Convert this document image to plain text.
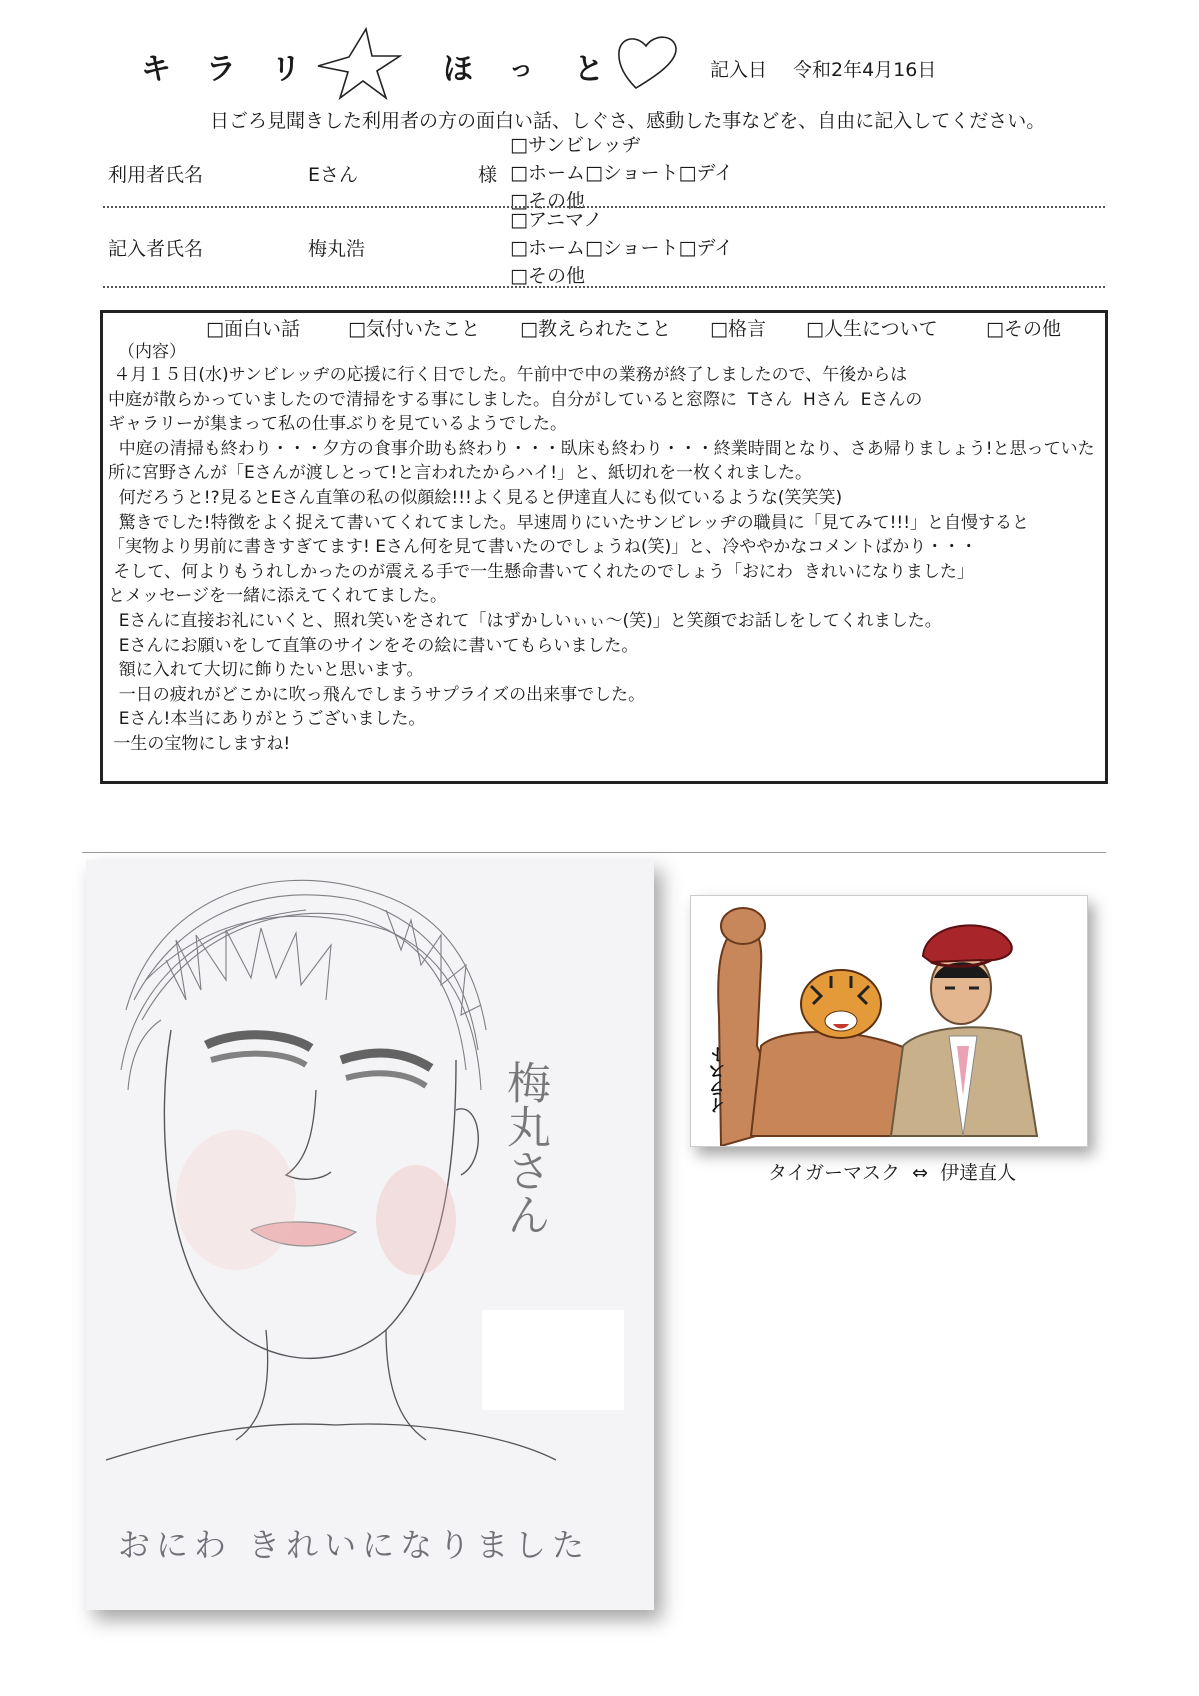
キ ラ リ	ほ っ と	記入日 令和2年4月16日
日ごろ見聞きした利用者の方の面白い話、しぐさ、感動した事などを、自由に記入してください。
利用者氏名	Eさん	様
□サンビレッヂ
□ホーム□ショート□デイ
□その他
記入者氏名	梅丸浩
□アニマノ
□ホーム□ショート□デイ
□その他
□面白い話	□気付いたこと □教えられたこと □格言 □人生について	□その他
（内容）
４月１５日(水)サンビレッヂの応援に行く日でした。午前中で中の業務が終了しましたので、午後からは
中庭が散らかっていましたので清掃をする事にしました。自分がしていると窓際に  Tさん  Hさん  Eさんの
ギャラリーが集まって私の仕事ぶりを見ているようでした。
中庭の清掃も終わり・・・夕方の食事介助も終わり・・・臥床も終わり・・・終業時間となり、さあ帰りましょう!と思っていた
所に宮野さんが「Eさんが渡しとって!と言われたからハイ!」と、紙切れを一枚くれました。
何だろうと!?見るとEさん直筆の私の似顔絵!!!よく見ると伊達直人にも似ているような(笑笑笑)
驚きでした!特徴をよく捉えて書いてくれてました。早速周りにいたサンビレッヂの職員に「見てみて!!!」と自慢すると
「実物より男前に書きすぎてます! Eさん何を見て書いたのでしょうね(笑)」と、冷ややかなコメントばかり・・・
そして、何よりもうれしかったのが震える手で一生懸命書いてくれたのでしょう「おにわ  きれいになりました」
とメッセージを一緒に添えてくれてました。
Eさんに直接お礼にいくと、照れ笑いをされて「はずかしいぃぃ～(笑)」と笑顔でお話しをしてくれました。
Eさんにお願いをして直筆のサインをその絵に書いてもらいました。
額に入れて大切に飾りたいと思います。
一日の疲れがどこかに吹っ飛んでしまうサプライズの出来事でした。
Eさん!本当にありがとうございました。
一生の宝物にしますね!
梅丸さん
おにわ きれいになりました
イラスト
タイガーマスク  ⇔  伊達直人
